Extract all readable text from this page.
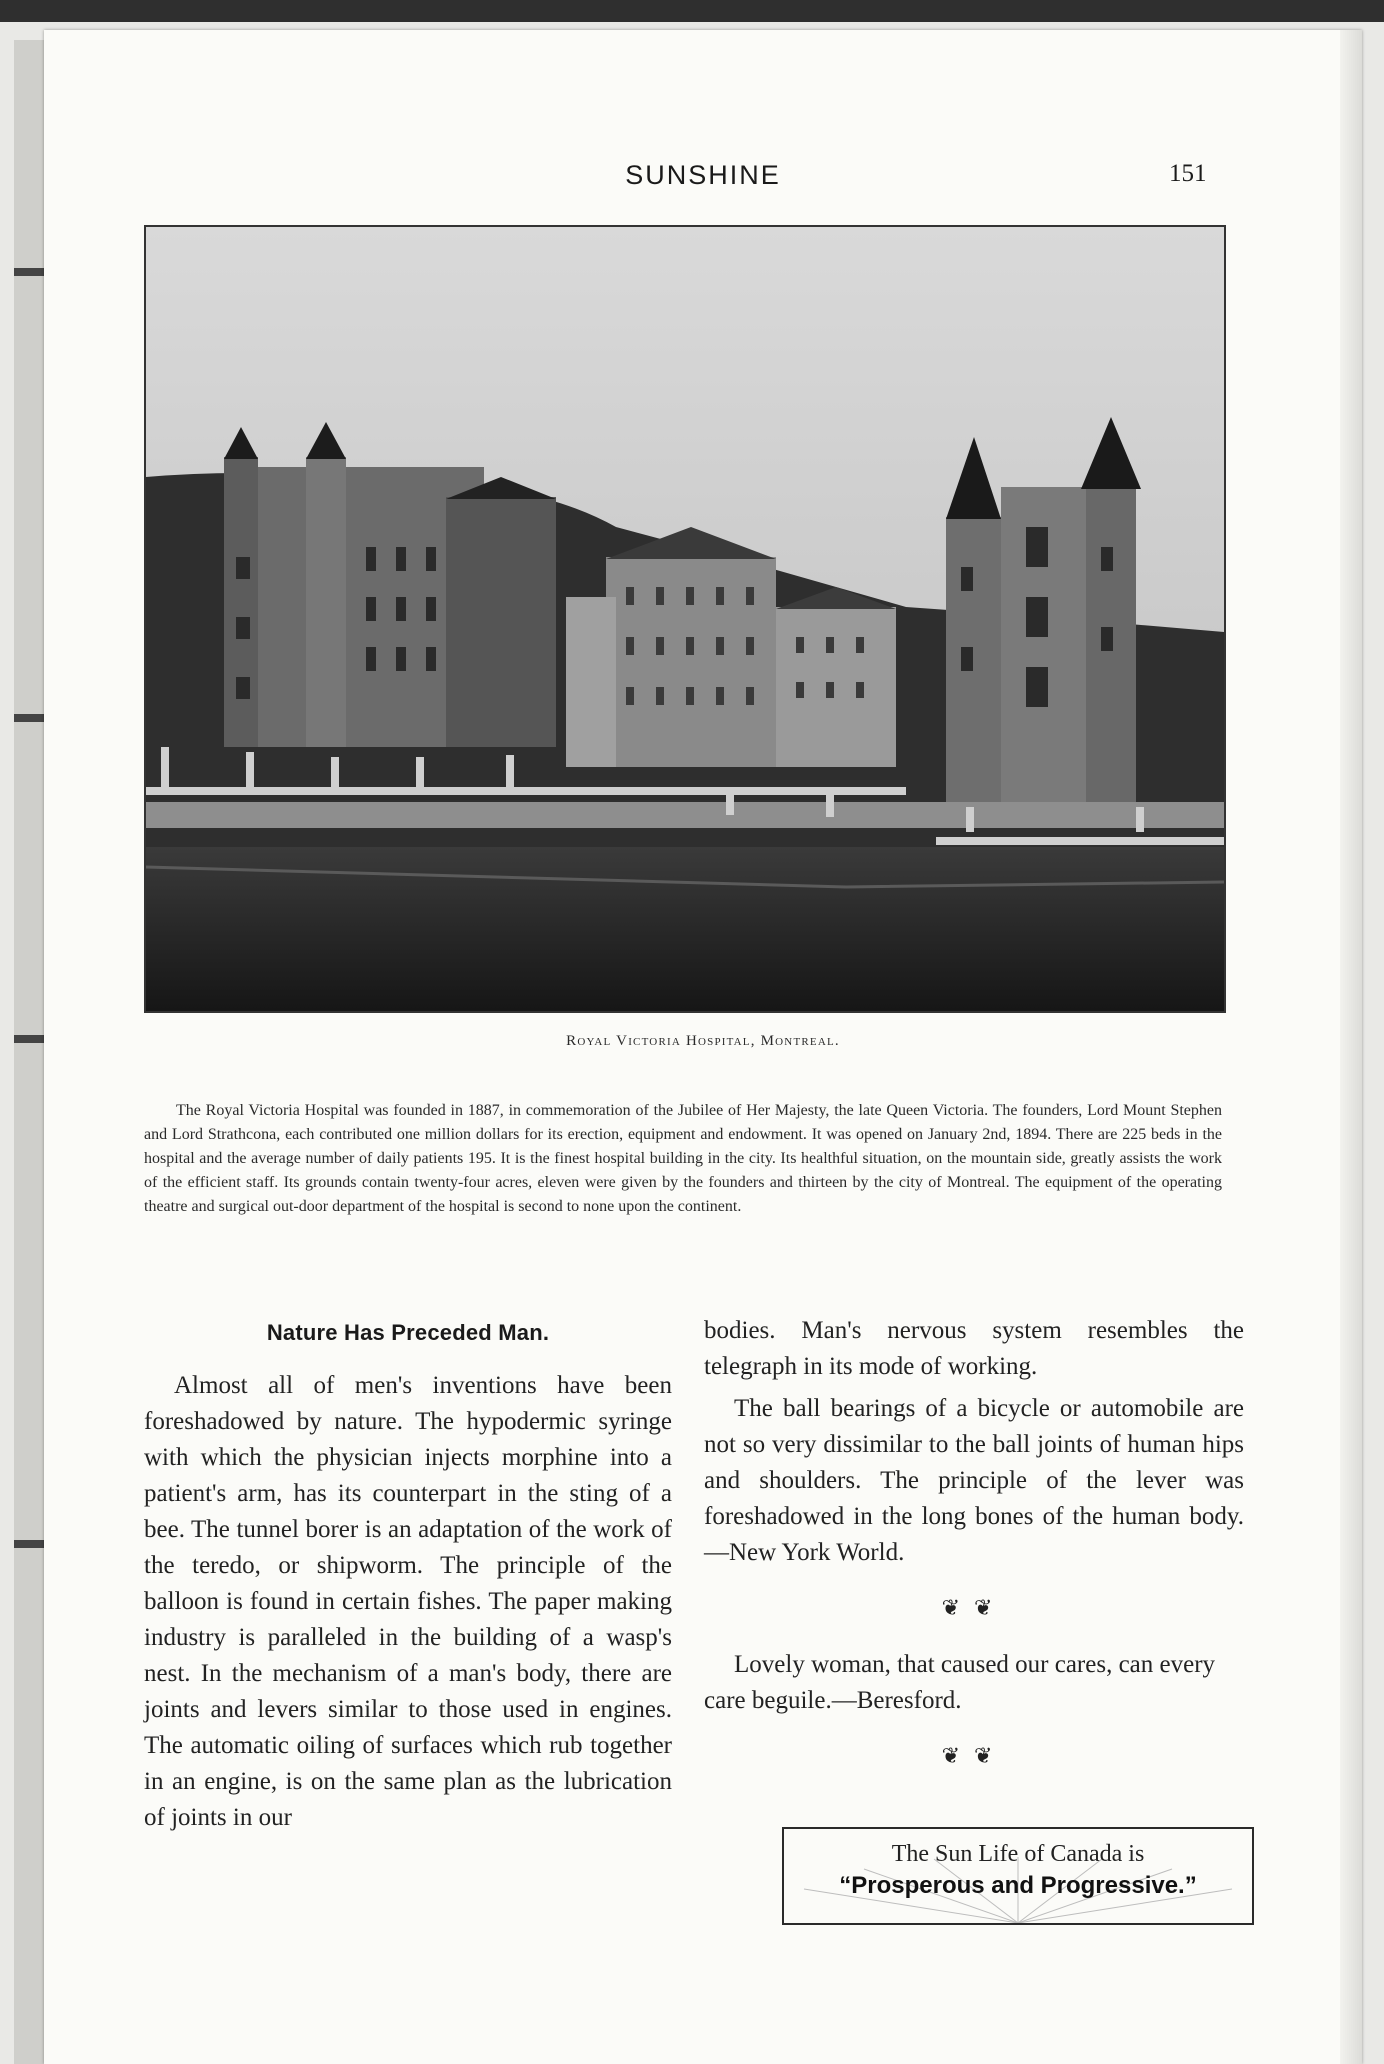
SUNSHINE	151
Royal Victoria Hospital, Montreal.

The Royal Victoria Hospital was founded in 1887, in commemoration of the Jubilee of Her Majesty, the late Queen Victoria. The founders, Lord Mount Stephen and Lord Strathcona, each contributed one million dollars for its erection, equipment and endowment. It was opened on January 2nd, 1894. There are 225 beds in the hospital and the average number of daily patients 195. It is the finest hospital building in the city. Its healthful situation, on the mountain side, greatly assists the work of the efficient staff. Its grounds contain twenty-four acres, eleven were given by the founders and thirteen by the city of Montreal. The equipment of the operating theatre and surgical out-door department of the hospital is second to none upon the continent.

Nature Has Preceded Man.

Almost all of men's inventions have been foreshadowed by nature. The hypodermic syringe with which the physician injects morphine into a patient's arm, has its counterpart in the sting of a bee. The tunnel borer is an adaptation of the work of the teredo, or shipworm. The principle of the balloon is found in certain fishes. The paper making industry is paralleled in the building of a wasp's nest. In the mechanism of a man's body, there are joints and levers similar to those used in engines. The automatic oiling of surfaces which rub together in an engine, is on the same plan as the lubrication of joints in our

bodies. Man's nervous system resembles the telegraph in its mode of working.

The ball bearings of a bicycle or automobile are not so very dissimilar to the ball joints of human hips and shoulders. The principle of the lever was foreshadowed in the long bones of the human body.—New York World.

❦❦

Lovely woman, that caused our cares, can every care beguile.—Beresford.

❦❦
The Sun Life of Canada is
“Prosperous and Progressive.”
